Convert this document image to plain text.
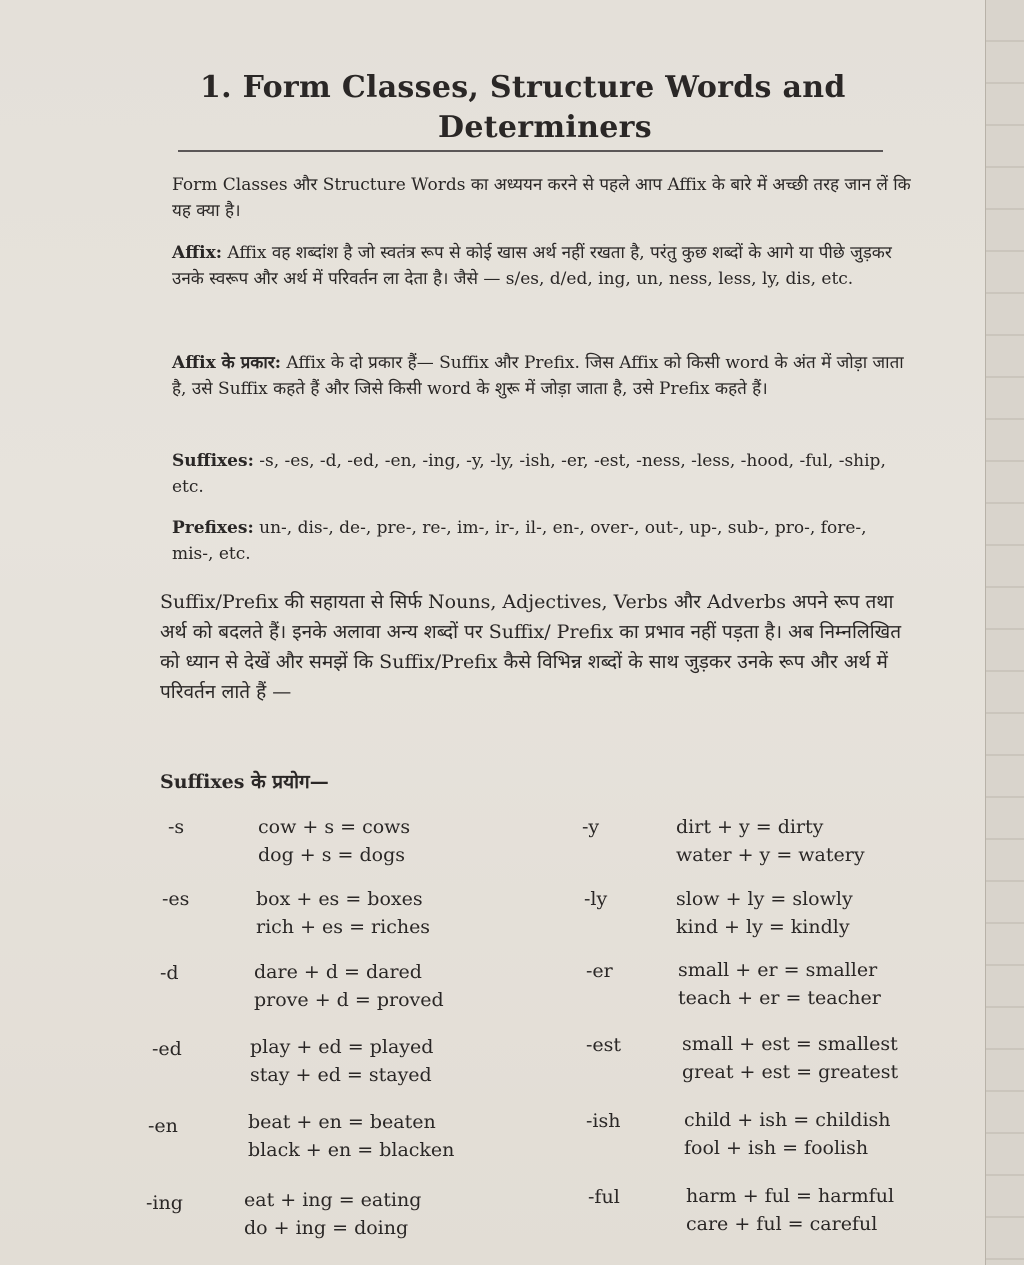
1. Form Classes, Structure Words and
Determiners
Form Classes और Structure Words का अध्ययन करने से पहले आप Affix के बारे में अच्छी तरह जान लें कि यह क्या है।
Affix: Affix वह शब्दांश है जो स्वतंत्र रूप से कोई खास अर्थ नहीं रखता है, परंतु कुछ शब्दों के आगे या पीछे जुड़कर उनके स्वरूप और अर्थ में परिवर्तन ला देता है। जैसे — s/es, d/ed, ing, un, ness, less, ly, dis, etc.
Affix के प्रकार: Affix के दो प्रकार हैं— Suffix और Prefix. जिस Affix को किसी word के अंत में जोड़ा जाता है, उसे Suffix कहते हैं और जिसे किसी word के शुरू में जोड़ा जाता है, उसे Prefix कहते हैं।
Suffixes: -s, -es, -d, -ed, -en, -ing, -y, -ly, -ish, -er, -est, -ness, -less, -hood, -ful, -ship, etc.
Prefixes: un-, dis-, de-, pre-, re-, im-, ir-, il-, en-, over-, out-, up-, sub-, pro-, fore-, mis-, etc.
Suffix/Prefix की सहायता से सिर्फ Nouns, Adjectives, Verbs और Adverbs अपने रूप तथा अर्थ को बदलते हैं। इनके अलावा अन्य शब्दों पर Suffix/ Prefix का प्रभाव नहीं पड़ता है। अब निम्नलिखित को ध्यान से देखें और समझें कि Suffix/Prefix कैसे विभिन्न शब्दों के साथ जुड़कर उनके रूप और अर्थ में परिवर्तन लाते हैं —
Suffixes के प्रयोग—
-s	cow + s = cows
dog + s = dogs
-y	dirt + y = dirty
water + y = watery
-es	box + es = boxes
rich + es = riches
-ly	slow + ly = slowly
kind + ly = kindly
-d	dare + d = dared
prove + d = proved
-er	small + er = smaller
teach + er = teacher
-ed	play + ed = played
stay + ed = stayed
-est	small + est = smallest
great + est = greatest
-en	beat + en = beaten
black + en = blacken
-ish	child + ish = childish
fool + ish = foolish
-ing	eat + ing = eating
do + ing = doing
-ful	harm + ful = harmful
care + ful = careful
